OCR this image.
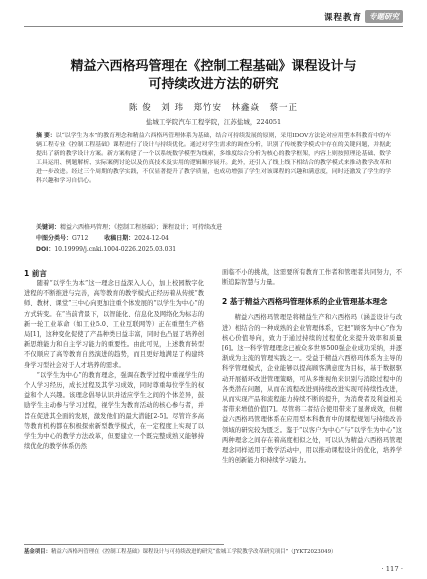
课程教育 专题研究
精益六西格玛管理在《控制工程基础》课程设计与
可持续改进方法的研究
陈 俊　刘 玮　郑竹安　林鑫焱　蔡一正
盐城工学院汽车工程学院，江苏盐城，224051
摘 要：以“以学生为本”的教育理念和精益六西格玛管理体系为基础，结合可持续发展的原则，采用IDOV方法论对应用型本科教育中的车辆工程专业《控制工程基础》课程进行了设计与持续优化。通过对学生需求的调查分析，识别了传统教学模式中存在的关键问题，并据此提出了新的教学设计方案。新方案构建了一个以系统数学模型为线索，多维度综合分析为核心的教学框架，内容上则按照理论基础、数学工具运用、例题解析、实际案例讨论以及仿真技术及实用的逻辑顺序展开。此外，还引入了线上线下相结合的教学模式来推动教学改革和进一步改进。经过三个周期的教学实践，不仅显著提升了教学质量，也成功增强了学生对该课程的兴趣和满意度，同时还激发了学生的学科兴趣和学习自信心。
关键词：精益六西格玛管理；《控制工程基础》；课程设计；可持续改进
中图分类号：G712	收稿日期：2024-12-04
DOI：10.19999/j.cnki.1004-0226.2025.03.031

1 前言

随着“以学生为本”这一理念日益深入人心，加上校园数字化进程的不断推进与完善，高等教育的教学模式正经历着从传统“教师、教材、课堂”三中心向更加注重个体发展的“以学生为中心”的方式转变。在“当前背景下，以智能化、信息化及网络化为标志的新一轮工业革命（如工业5.0、工业互联网等）正在重塑生产格局[1]，这种变化促使了产品种类日益丰富，同时也凸显了培养创新思维能力和自主学习能力的重要性。由此可见，上述教育转型不仅顺应了高等教育自然演进的趋势，而且更好地满足了构建终身学习型社会对于人才培养的需求。

“以学生为中心”的教育理念，强调在教学过程中重视学生的个人学习经历，成长过程及其学习成效，同时尊重每位学生的权益和个人兴趣。该理念倡导认识并适应学生之间的个体差异，鼓励学生主动参与学习过程，视学生为教育活动的核心参与者，并旨在促进其全面的发展，激发他们的最大潜能[2-5]。尽管许多高等教育机构都在积极探索新型教学模式，在一定程度上实现了以学生为中心的教学方法改革，但要建立一个既完整成熟又能够持续优化的教学体系仍然

面临不小的挑战，这需要所有教育工作者和管理者共同努力，不断追踪智慧与力量。

2 基于精益六西格玛管理体系的企业管理基本理念

精益六西格玛管理是将精益生产和六西格玛（涵盖设计与改进）相结合的一种成熟的企业管理体系，它把“顾客为中心”作为核心价值导向，致力于通过持续的过程优化来提升效率和质量[6]。这一科学管理理念已被众多世界500强企业成功采纳，并逐渐成为主流的管理实践之一。受益于精益六西格玛体系为主导的科学管理模式，企业能够以提高顾客满意度为目标，基于数据驱动开展循环改进管理策略，可从多维视角来识别与消除过程中的各类潜在问题，从而在流程改进到持续改进实现可持续性改进，从而实现产品和流程能力持续不断的提升，为消费者及利益相关者带来增值价值[7]。尽管将二者结合使用带来了显著成效，但精益六西格玛管理体系在应用型本科教育中的课程规划与持续改善领域的研究较为匮乏。鉴于“以客户为中心”与“以学生为中心”这两种理念之间存在着高度相似之处，可以认为精益六西格玛管理理念同样适用于教学活动中，用以推动课程设计的优化，培养学生的创新能力和持续学习能力。

基金项目：精益六西格玛管理在《控制工程基础》课程设计与可持续改进的研究“盐城工学院教学改革研究项目”（JYKT2023049）
· 117 ·
